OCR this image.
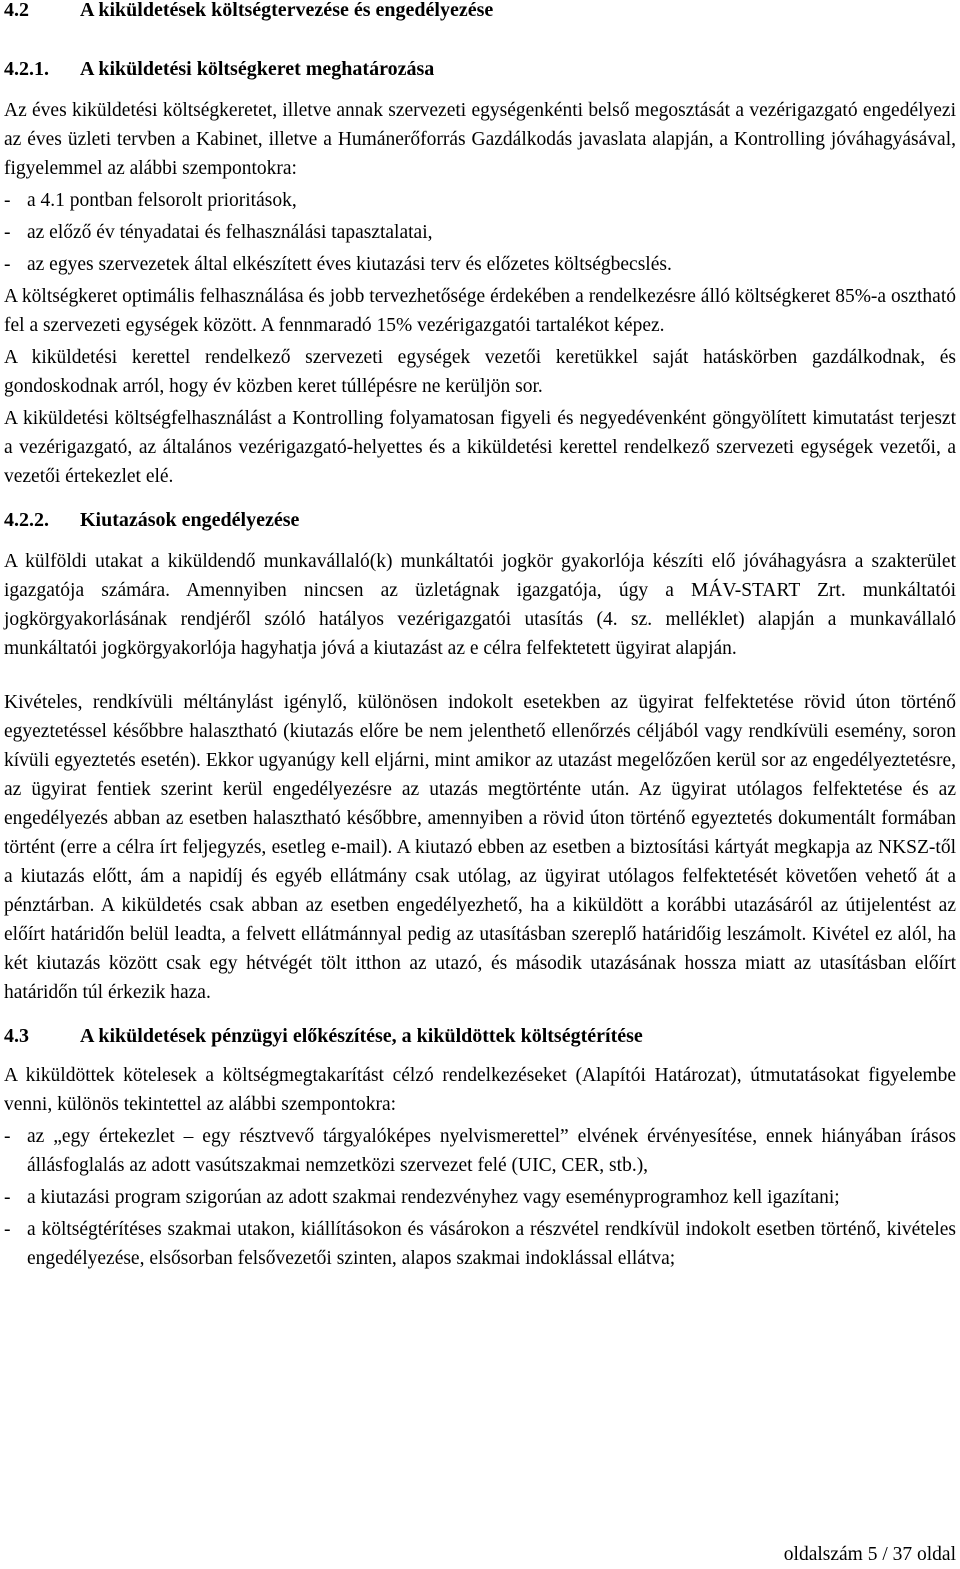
4.2	A kiküldetések költségtervezése és engedélyezése
4.2.1.	A kiküldetési költségkeret meghatározása
Az éves kiküldetési költségkeretet, illetve annak szervezeti egységenkénti belső megosztását a vezérigazgató engedélyezi az éves üzleti tervben a Kabinet, illetve a Humánerőforrás Gazdálkodás javaslata alapján, a Kontrolling jóváhagyásával, figyelemmel az alábbi szempontokra:
- a 4.1 pontban felsorolt prioritások,
- az előző év tényadatai és felhasználási tapasztalatai,
- az egyes szervezetek által elkészített éves kiutazási terv és előzetes költségbecslés.
A költségkeret optimális felhasználása és jobb tervezhetősége érdekében a rendelkezésre álló költségkeret 85%-a osztható fel a szervezeti egységek között. A fennmaradó 15% vezérigazgatói tartalékot képez.
A kiküldetési kerettel rendelkező szervezeti egységek vezetői keretükkel saját hatáskörben gazdálkodnak, és gondoskodnak arról, hogy év közben keret túllépésre ne kerüljön sor.
A kiküldetési költségfelhasználást a Kontrolling folyamatosan figyeli és negyedévenként göngyölített kimutatást terjeszt a vezérigazgató, az általános vezérigazgató-helyettes és a kiküldetési kerettel rendelkező szervezeti egységek vezetői, a vezetői értekezlet elé.
4.2.2.	Kiutazások engedélyezése
A külföldi utakat a kiküldendő munkavállaló(k) munkáltatói jogkör gyakorlója készíti elő jóváhagyásra a szakterület igazgatója számára. Amennyiben nincsen az üzletágnak igazgatója, úgy a MÁV-START Zrt. munkáltatói jogkörgyakorlásának rendjéről szóló hatályos vezérigazgatói utasítás (4. sz. melléklet) alapján a munkavállaló munkáltatói jogkörgyakorlója hagyhatja jóvá a kiutazást az e célra felfektetett ügyirat alapján.
Kivételes, rendkívüli méltánylást igénylő, különösen indokolt esetekben az ügyirat felfektetése rövid úton történő egyeztetéssel későbbre halasztható (kiutazás előre be nem jelenthető ellenőrzés céljából vagy rendkívüli esemény, soron kívüli egyeztetés esetén). Ekkor ugyanúgy kell eljárni, mint amikor az utazást megelőzően kerül sor az engedélyeztetésre, az ügyirat fentiek szerint kerül engedélyezésre az utazás megtörténte után. Az ügyirat utólagos felfektetése és az engedélyezés abban az esetben halasztható későbbre, amennyiben a rövid úton történő egyeztetés dokumentált formában történt (erre a célra írt feljegyzés, esetleg e-mail). A kiutazó ebben az esetben a biztosítási kártyát megkapja az NKSZ-től a kiutazás előtt, ám a napidíj és egyéb ellátmány csak utólag, az ügyirat utólagos felfektetését követően vehető át a pénztárban. A kiküldetés csak abban az esetben engedélyezhető, ha a kiküldött a korábbi utazásáról az útijelentést az előírt határidőn belül leadta, a felvett ellátmánnyal pedig az utasításban szereplő határidőig leszámolt. Kivétel ez alól, ha két kiutazás között csak egy hétvégét tölt itthon az utazó, és második utazásának hossza miatt az utasításban előírt határidőn túl érkezik haza.
4.3	A kiküldetések pénzügyi előkészítése, a kiküldöttek költségtérítése
A kiküldöttek kötelesek a költségmegtakarítást célzó rendelkezéseket (Alapítói Határozat), útmutatásokat figyelembe venni, különös tekintettel az alábbi szempontokra:
- az „egy értekezlet – egy résztvevő tárgyalóképes nyelvismerettel” elvének érvényesítése, ennek hiányában írásos állásfoglalás az adott vasútszakmai nemzetközi szervezet felé (UIC, CER, stb.),
- a kiutazási program szigorúan az adott szakmai rendezvényhez vagy eseményprogramhoz kell igazítani;
- a költségtérítéses szakmai utakon, kiállításokon és vásárokon a részvétel rendkívül indokolt esetben történő, kivételes engedélyezése, elsősorban felsővezetői szinten, alapos szakmai indoklással ellátva;
oldalszám 5 / 37 oldal
